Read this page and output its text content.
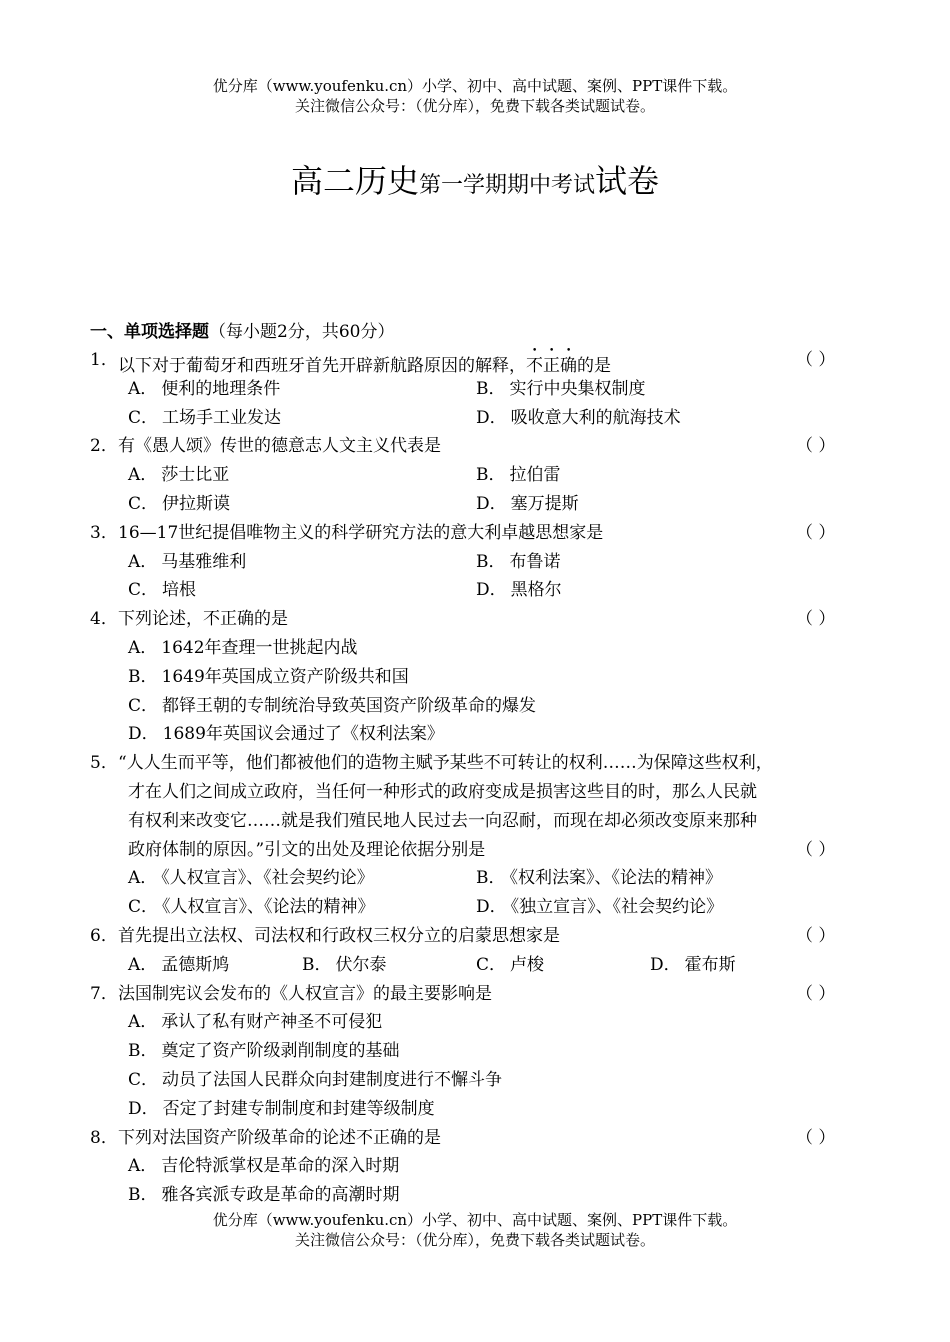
优分库（www.youfenku.cn）小学、初中、高中试题、案例、PPT课件下载。
关注微信公众号：（优分库），免费下载各类试题试卷。
高二历史第一学期期中考试试卷
一、单项选择题（每小题2分，共60分）
1． 以下对于葡萄牙和西班牙首先开辟新航路原因的解释，不正确的是	（ ）
A． 便利的地理条件	B． 实行中央集权制度
C． 工场手工业发达	D． 吸收意大利的航海技术
2． 有《愚人颂》传世的德意志人文主义代表是	（ ）
A． 莎士比亚	B． 拉伯雷
C． 伊拉斯谟	D． 塞万提斯
3． 16—17世纪提倡唯物主义的科学研究方法的意大利卓越思想家是	（ ）
A． 马基雅维利	B． 布鲁诺
C． 培根	D． 黑格尔
4． 下列论述，不正确的是	（ ）
A． 1642年查理一世挑起内战
B． 1649年英国成立资产阶级共和国
C． 都铎王朝的专制统治导致英国资产阶级革命的爆发
D． 1689年英国议会通过了《权利法案》
5． “人人生而平等，他们都被他们的造物主赋予某些不可转让的权利……为保障这些权利，
才在人们之间成立政府，当任何一种形式的政府变成是损害这些目的时，那么人民就
有权利来改变它……就是我们殖民地人民过去一向忍耐，而现在却必须改变原来那种
政府体制的原因。”引文的出处及理论依据分别是	（ ）
A． 《人权宣言》、《社会契约论》	B． 《权利法案》、《论法的精神》
C． 《人权宣言》、《论法的精神》	D． 《独立宣言》、《社会契约论》
6． 首先提出立法权、司法权和行政权三权分立的启蒙思想家是	（ ）
A． 孟德斯鸠	B． 伏尔泰	C． 卢梭	D． 霍布斯
7． 法国制宪议会发布的《人权宣言》的最主要影响是	（ ）
A． 承认了私有财产神圣不可侵犯
B． 奠定了资产阶级剥削制度的基础
C． 动员了法国人民群众向封建制度进行不懈斗争
D． 否定了封建专制制度和封建等级制度
8． 下列对法国资产阶级革命的论述不正确的是	（ ）
A． 吉伦特派掌权是革命的深入时期
B． 雅各宾派专政是革命的高潮时期
优分库（www.youfenku.cn）小学、初中、高中试题、案例、PPT课件下载。
关注微信公众号：（优分库），免费下载各类试题试卷。
